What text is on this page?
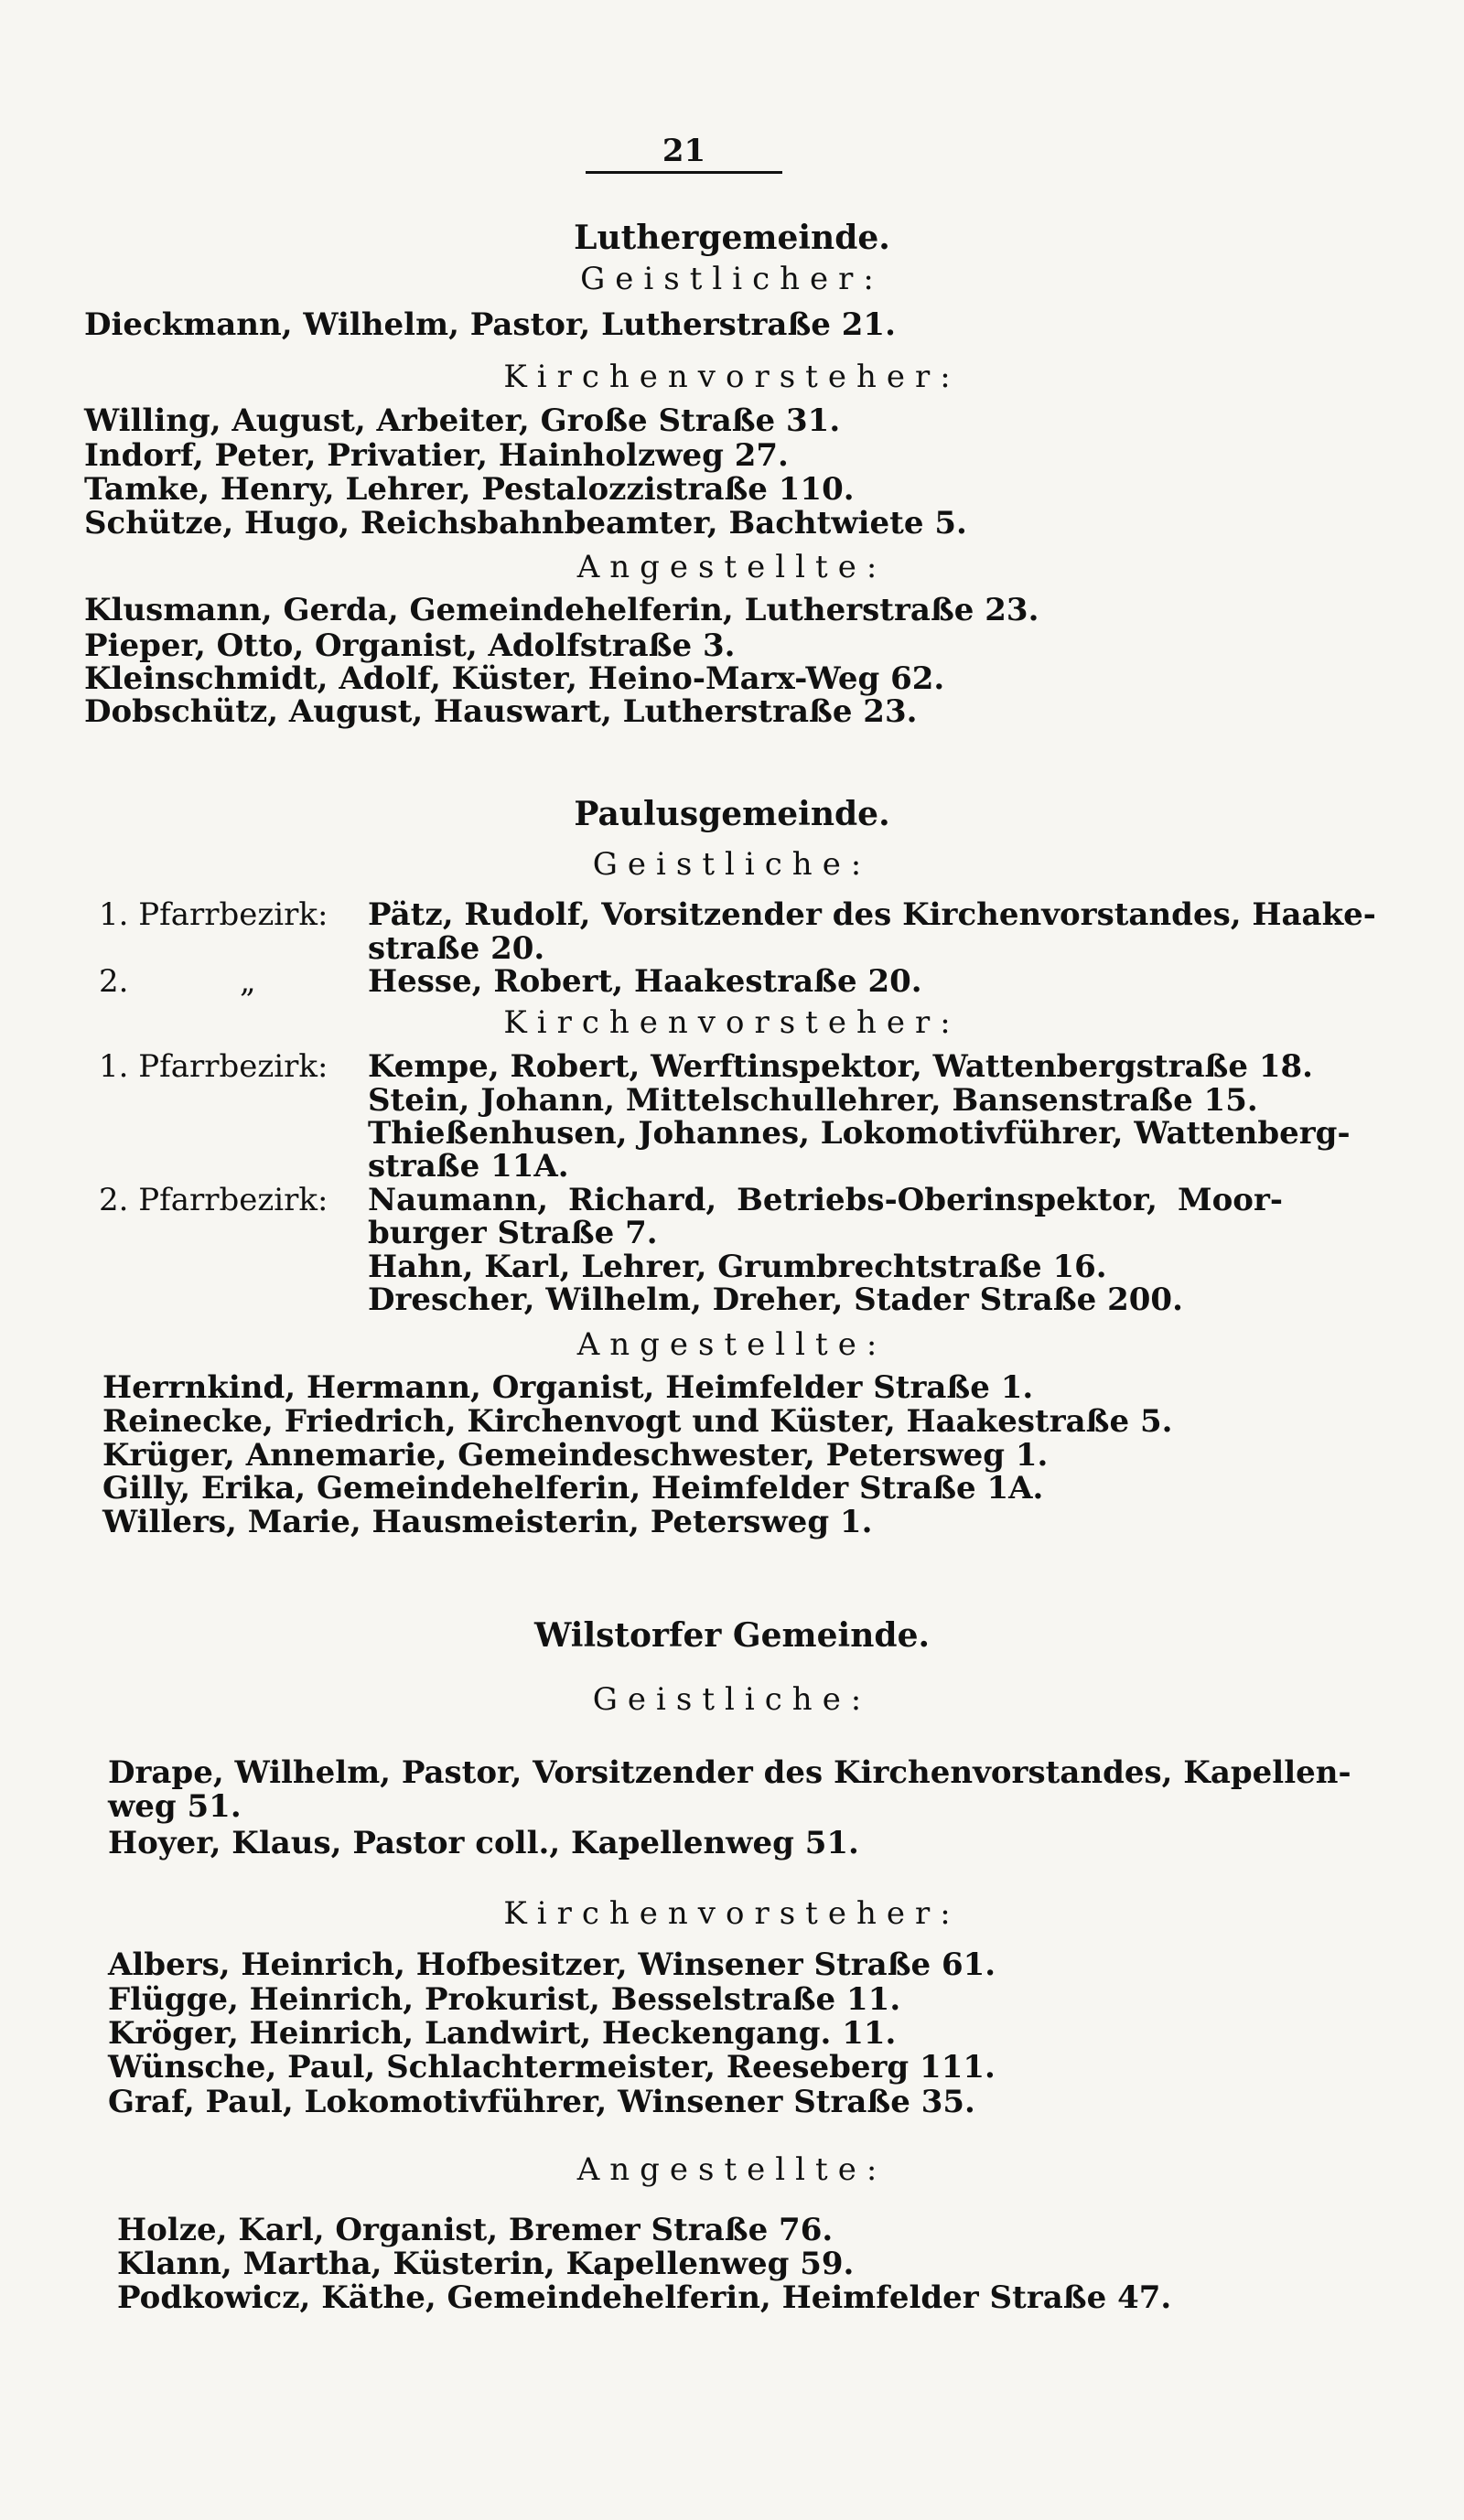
21
Luthergemeinde.
Geistlicher:
Dieckmann, Wilhelm, Pastor, Lutherstraße 21.
Kirchenvorsteher:
Willing, August, Arbeiter, Große Straße 31.
Indorf, Peter, Privatier, Hainholzweg 27.
Tamke, Henry, Lehrer, Pestalozzistraße 110.
Schütze, Hugo, Reichsbahnbeamter, Bachtwiete 5.
Angestellte:
Klusmann, Gerda, Gemeindehelferin, Lutherstraße 23.
Pieper, Otto, Organist, Adolfstraße 3.
Kleinschmidt, Adolf, Küster, Heino-Marx-Weg 62.
Dobschütz, August, Hauswart, Lutherstraße 23.
Paulusgemeinde.
Geistliche:
1. Pfarrbezirk: Pätz, Rudolf, Vorsitzender des Kirchenvorstandes, Haake-
straße 20.
2.	„	Hesse, Robert, Haakestraße 20.
Kirchenvorsteher:
1. Pfarrbezirk: Kempe, Robert, Werftinspektor, Wattenbergstraße 18.
Stein, Johann, Mittelschullehrer, Bansenstraße 15.
Thießenhusen, Johannes, Lokomotivführer, Wattenberg-
straße 11A.
2. Pfarrbezirk: Naumann, Richard, Betriebs-Oberinspektor, Moor-
burger Straße 7.
Hahn, Karl, Lehrer, Grumbrechtstraße 16.
Drescher, Wilhelm, Dreher, Stader Straße 200.
Angestellte:
Herrnkind, Hermann, Organist, Heimfelder Straße 1.
Reinecke, Friedrich, Kirchenvogt und Küster, Haakestraße 5.
Krüger, Annemarie, Gemeindeschwester, Petersweg 1.
Gilly, Erika, Gemeindehelferin, Heimfelder Straße 1A.
Willers, Marie, Hausmeisterin, Petersweg 1.
Wilstorfer Gemeinde.
Geistliche:
Drape, Wilhelm, Pastor, Vorsitzender des Kirchenvorstandes, Kapellen-
weg 51.
Hoyer, Klaus, Pastor coll., Kapellenweg 51.
Kirchenvorsteher:
Albers, Heinrich, Hofbesitzer, Winsener Straße 61.
Flügge, Heinrich, Prokurist, Besselstraße 11.
Kröger, Heinrich, Landwirt, Heckengang. 11.
Wünsche, Paul, Schlachtermeister, Reeseberg 111.
Graf, Paul, Lokomotivführer, Winsener Straße 35.
Angestellte:
Holze, Karl, Organist, Bremer Straße 76.
Klann, Martha, Küsterin, Kapellenweg 59.
Podkowicz, Käthe, Gemeindehelferin, Heimfelder Straße 47.
